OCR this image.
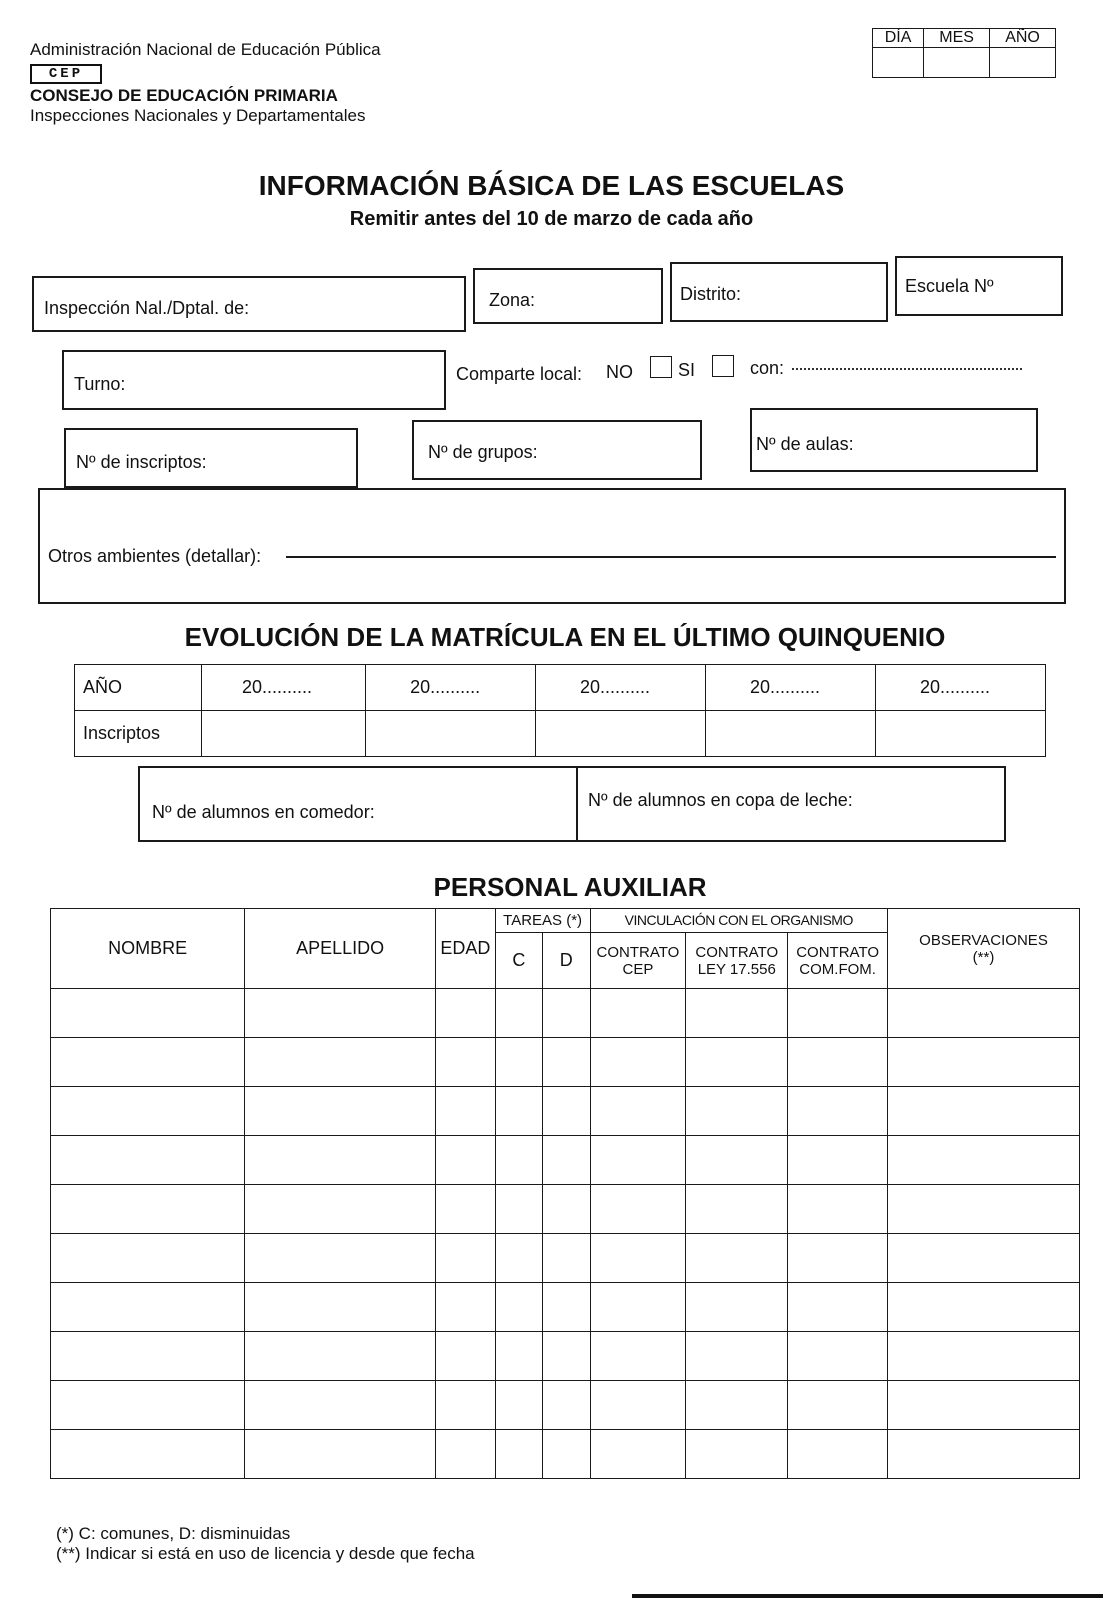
Administración Nacional de Educación Pública
CEP
CONSEJO DE EDUCACIÓN PRIMARIA
Inspecciones Nacionales y Departamentales
DÍA	MES	AÑO

INFORMACIÓN BÁSICA DE LAS ESCUELAS
Remitir antes del 10 de marzo de cada año
Inspección Nal./Dptal. de:	Zona:	Distrito:	Escuela Nº
Turno:	Comparte local: NO	SI	con:
Nº de inscriptos:	Nº de grupos:	Nº de aulas:
Otros ambientes (detallar):
EVOLUCIÓN DE LA MATRÍCULA EN EL ÚLTIMO QUINQUENIO
AÑO	20..........	20..........	20..........	20..........	20..........
Inscriptos					
Nº de alumnos en comedor:
Nº de alumnos en copa de leche:
PERSONAL AUXILIAR
NOMBRE	APELLIDO	EDAD	TAREAS (*)		VINCULACIÓN CON EL ORGANISMO			OBSERVACIONES (**)
			C	D	CONTRATO CEP	CONTRATO LEY 17.556	CONTRATO COM.FOM.	

(*) C: comunes, D: disminuidas
(**) Indicar si está en uso de licencia y desde que fecha
